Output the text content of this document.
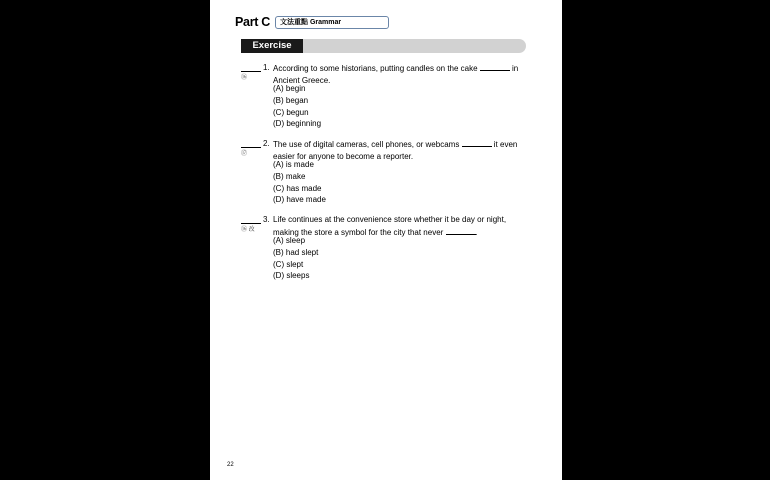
Part C	文法重點 Grammar
Exercise
1.
⑯
According to some historians, putting candles on the cake	in
Ancient Greece.
(A) begin
(B) began
(C) begun
(D) beginning
2.
⑰
The use of digital cameras, cell phones, or webcams	it even
easier for anyone to become a reporter.
(A) is made
(B) make
(C) has made
(D) have made
3.
⑯ 改
Life continues at the convenience store whether it be day or night,
making the store a symbol for the city that never	.
(A) sleep
(B) had slept
(C) slept
(D) sleeps
22
